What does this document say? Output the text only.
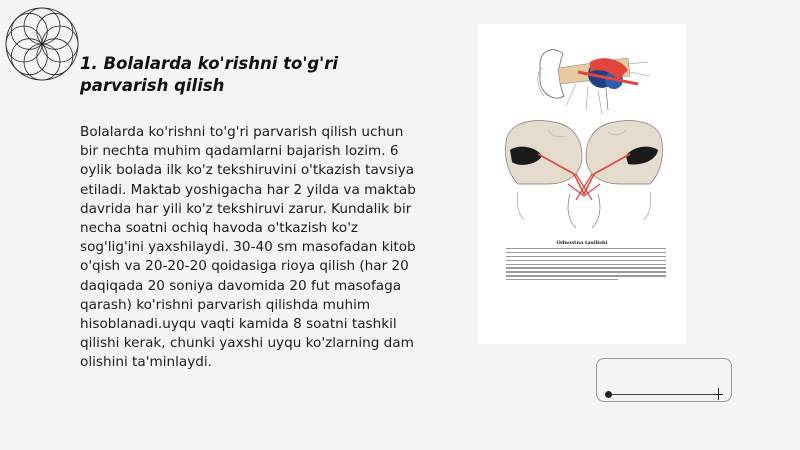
1. Bolalarda ko'rishni to'g'ri parvarish qilish

Bolalarda ko'rishni to'g'ri parvarish qilish uchun bir nechta muhim qadamlarni bajarish lozim. 6 oylik bolada ilk ko'z tekshiruvini o'tkazish tavsiya etiladi. Maktab yoshigacha har 2 yilda va maktab davrida har yili ko'z tekshiruvi zarur. Kundalik bir necha soatni ochiq havoda o'tkazish ko'z sog'lig'ini yaxshilaydi. 30-40 sm masofadan kitob o'qish va 20-20-20 qoidasiga rioya qilish (har 20 daqiqada 20 soniya davomida 20 fut masofaga qarash) ko'rishni parvarish qilishda muhim hisoblanadi.uyqu vaqti kamida 8 soatni tashkil qilishi kerak, chunki yaxshi uyqu ko'zlarning dam olishini ta'minlaydi.

Odnostna tasilishi
